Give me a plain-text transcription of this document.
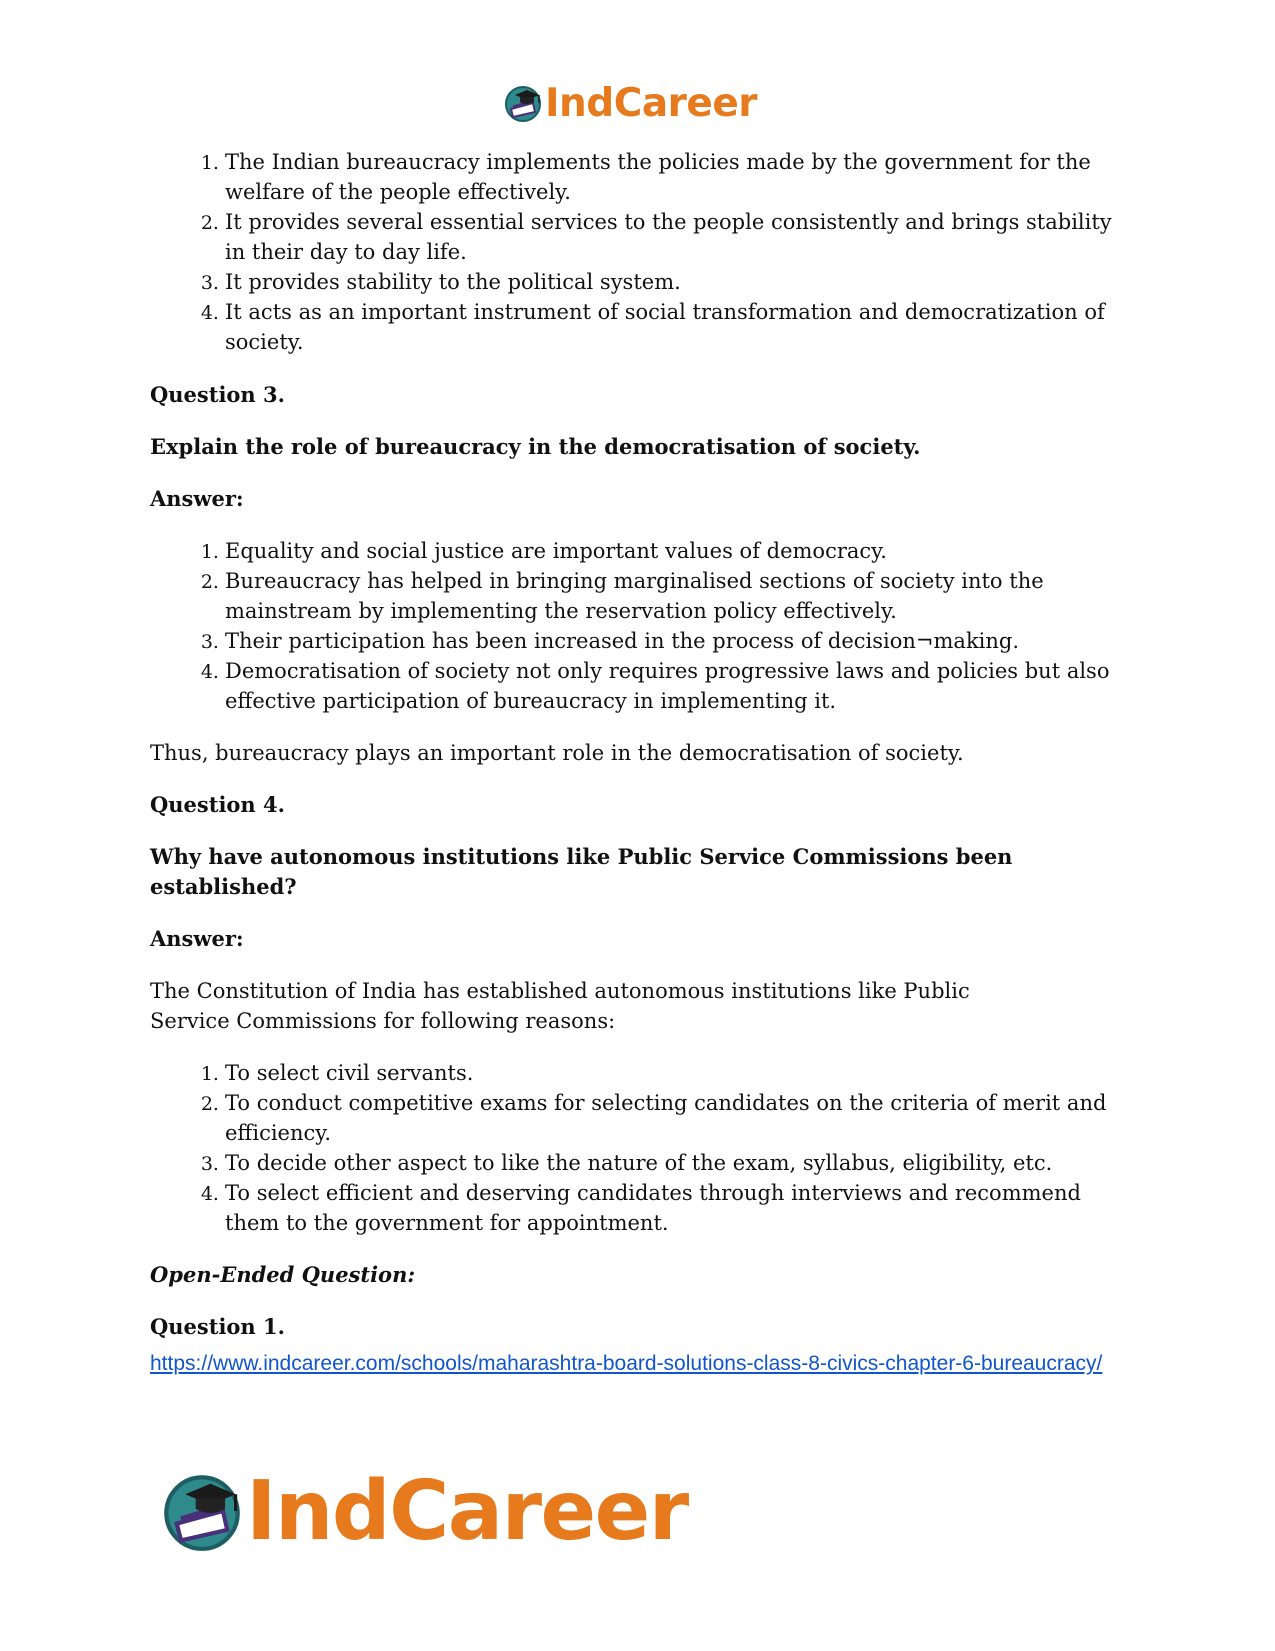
IndCareer
1. The Indian bureaucracy implements the policies made by the government for the welfare of the people effectively.
2. It provides several essential services to the people consistently and brings stability in their day to day life.
3. It provides stability to the political system.
4. It acts as an important instrument of social transformation and democratization of society.

Question 3.

Explain the role of bureaucracy in the democratisation of society.

Answer:

1. Equality and social justice are important values of democracy.
2. Bureaucracy has helped in bringing marginalised sections of society into the mainstream by implementing the reservation policy effectively.
3. Their participation has been increased in the process of decision¬making.
4. Democratisation of society not only requires progressive laws and policies but also effective participation of bureaucracy in implementing it.

Thus, bureaucracy plays an important role in the democratisation of society.

Question 4.

Why have autonomous institutions like Public Service Commissions been established?

Answer:

The Constitution of India has established autonomous institutions like Public Service Commissions for following reasons:

1. To select civil servants.
2. To conduct competitive exams for selecting candidates on the criteria of merit and efficiency.
3. To decide other aspect to like the nature of the exam, syllabus, eligibility, etc.
4. To select efficient and deserving candidates through interviews and recommend them to the government for appointment.

Open-Ended Question:

Question 1.

https://www.indcareer.com/schools/maharashtra-board-solutions-class-8-civics-chapter-6-bureaucracy/
IndCareer
